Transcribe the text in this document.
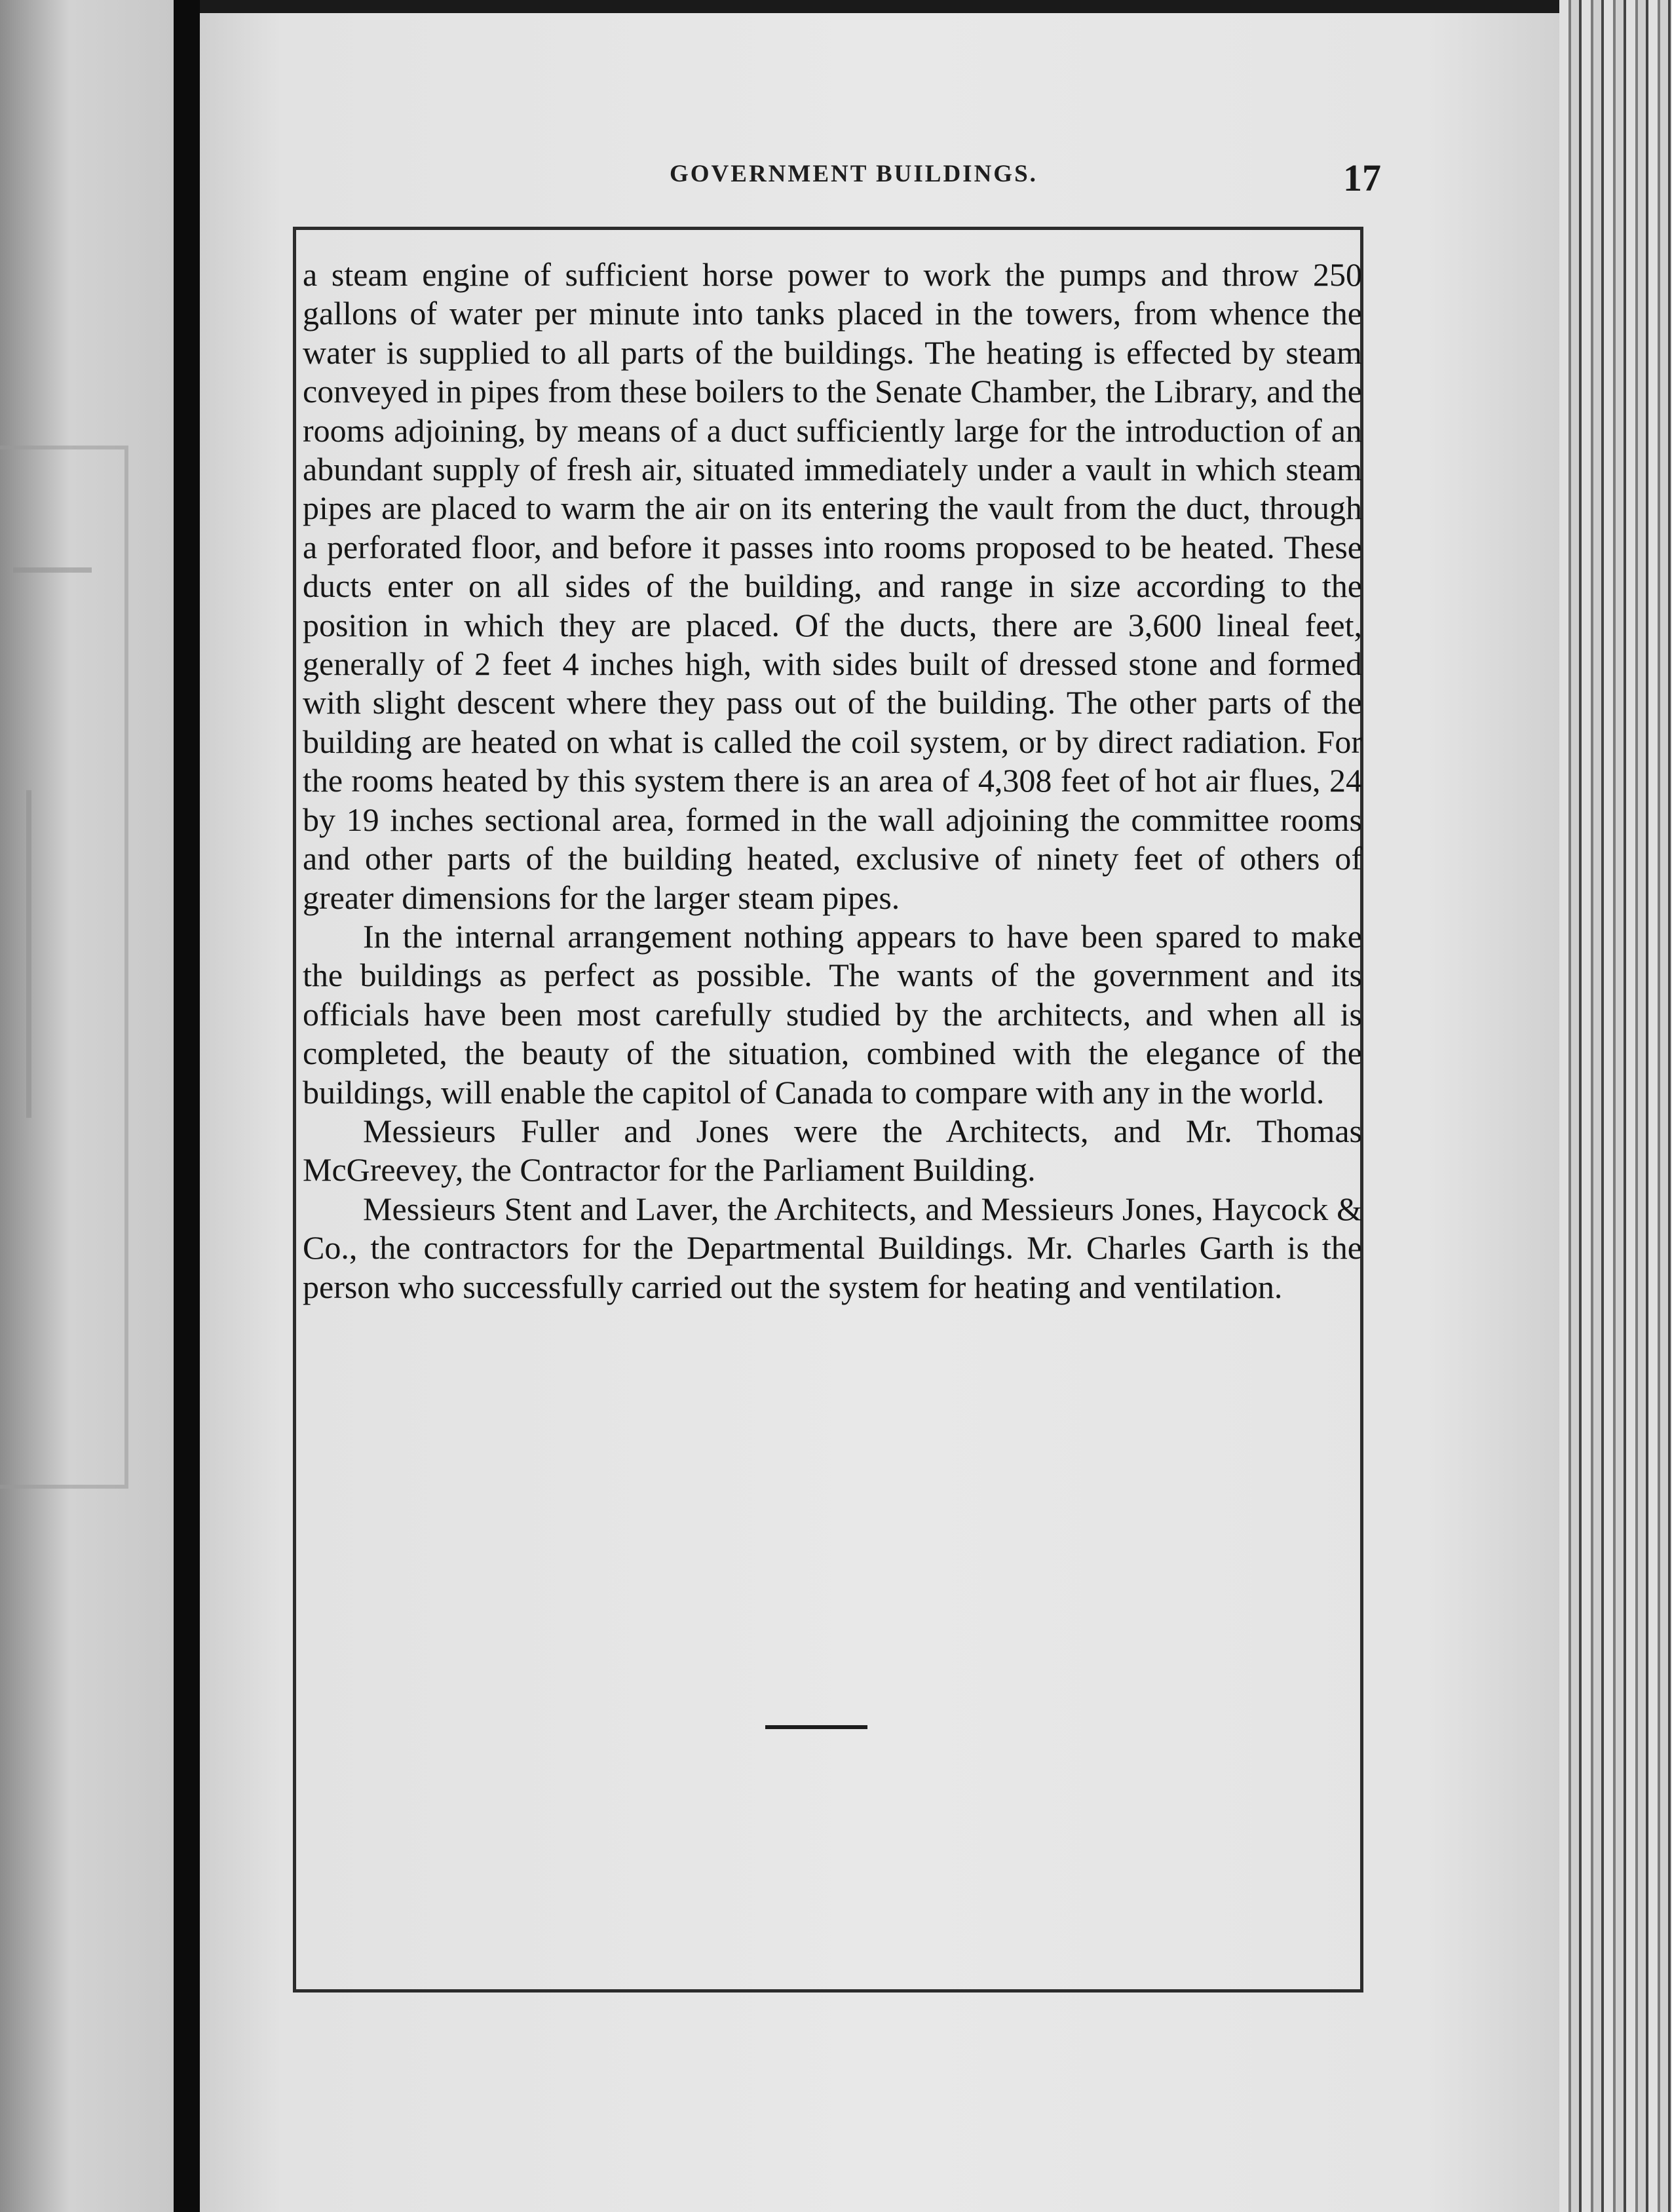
GOVERNMENT BUILDINGS.	17

a steam engine of sufficient horse power to work the pumps and throw 250 gallons of water per minute into tanks placed in the towers, from whence the water is supplied to all parts of the buildings. The heating is effected by steam conveyed in pipes from these boilers to the Senate Chamber, the Library, and the rooms adjoining, by means of a duct sufficiently large for the introduction of an abundant supply of fresh air, situated immediately under a vault in which steam pipes are placed to warm the air on its entering the vault from the duct, through a perforated floor, and before it passes into rooms proposed to be heated. These ducts enter on all sides of the building, and range in size according to the position in which they are placed. Of the ducts, there are 3,600 lineal feet, generally of 2 feet 4 inches high, with sides built of dressed stone and formed with slight descent where they pass out of the building. The other parts of the building are heated on what is called the coil system, or by direct radiation. For the rooms heated by this system there is an area of 4,308 feet of hot air flues, 24 by 19 inches sectional area, formed in the wall adjoining the committee rooms and other parts of the building heated, exclusive of ninety feet of others of greater dimensions for the larger steam pipes.

In the internal arrangement nothing appears to have been spared to make the buildings as perfect as possible. The wants of the government and its officials have been most carefully studied by the architects, and when all is completed, the beauty of the situation, combined with the elegance of the buildings, will enable the capitol of Canada to compare with any in the world.

Messieurs Fuller and Jones were the Architects, and Mr. Thomas McGreevey, the Contractor for the Parliament Building.

Messieurs Stent and Laver, the Architects, and Messieurs Jones, Haycock & Co., the contractors for the Departmental Buildings. Mr. Charles Garth is the person who successfully carried out the system for heating and ventilation.
